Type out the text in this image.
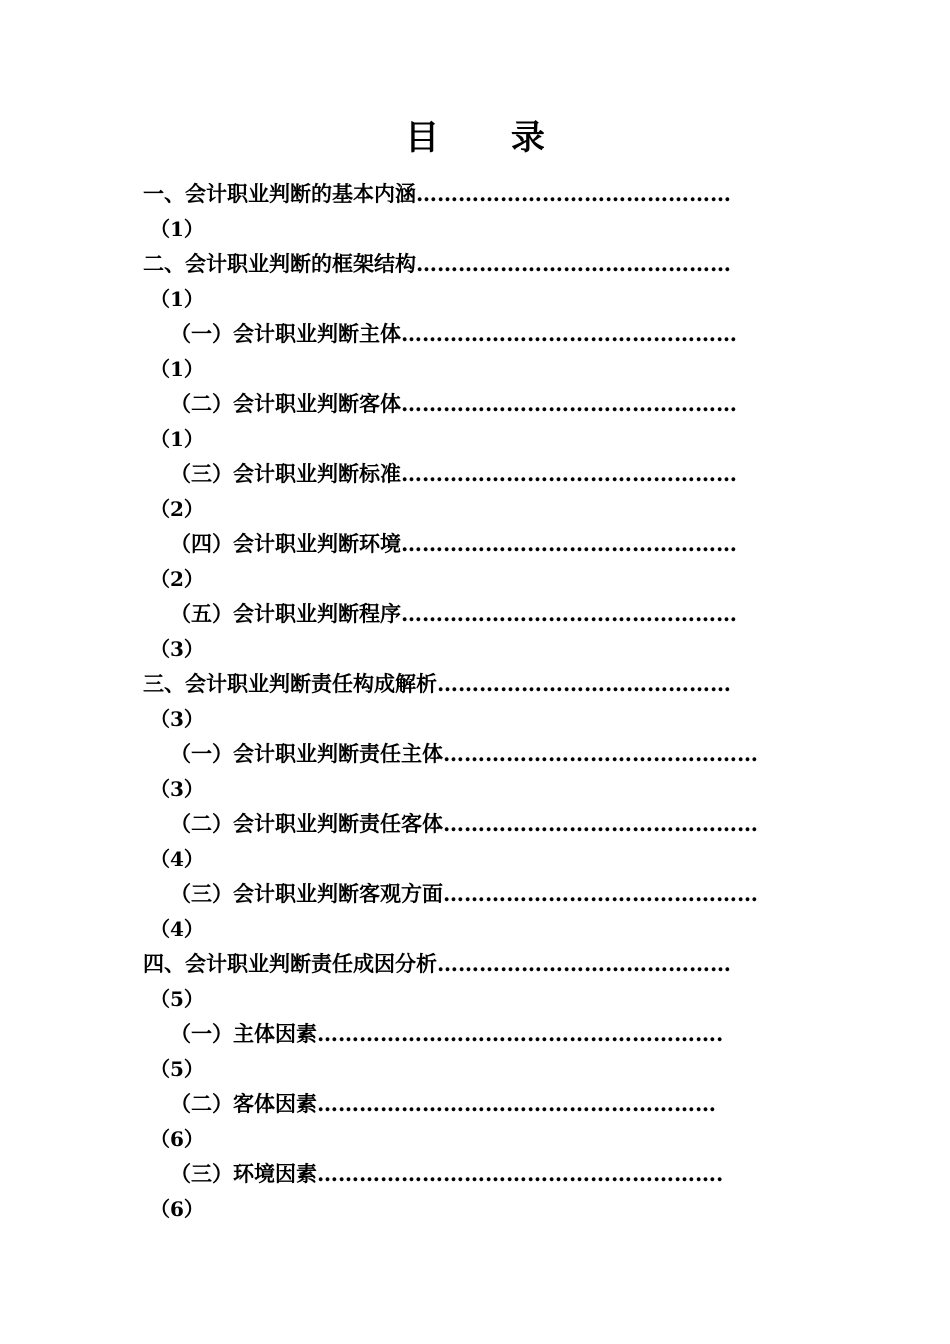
目 录
一、会计职业判断的基本内涵………………………………………
（1）
二、会计职业判断的框架结构………………………………………
（1）
（一）会计职业判断主体…………………………………………
（1）
（二）会计职业判断客体…………………………………………
（1）
（三）会计职业判断标准…………………………………………
（2）
（四）会计职业判断环境…………………………………………
（2）
（五）会计职业判断程序…………………………………………
（3）
三、会计职业判断责任构成解析……………………………………
（3）
（一）会计职业判断责任主体………………………………………
（3）
（二）会计职业判断责任客体………………………………………
（4）
（三）会计职业判断客观方面………………………………………
（4）
四、会计职业判断责任成因分析……………………………………
（5）
（一）主体因素………………………………………………….
（5）
（二）客体因素…………………………………………………
（6）
（三）环境因素………………………………………………….
（6）
